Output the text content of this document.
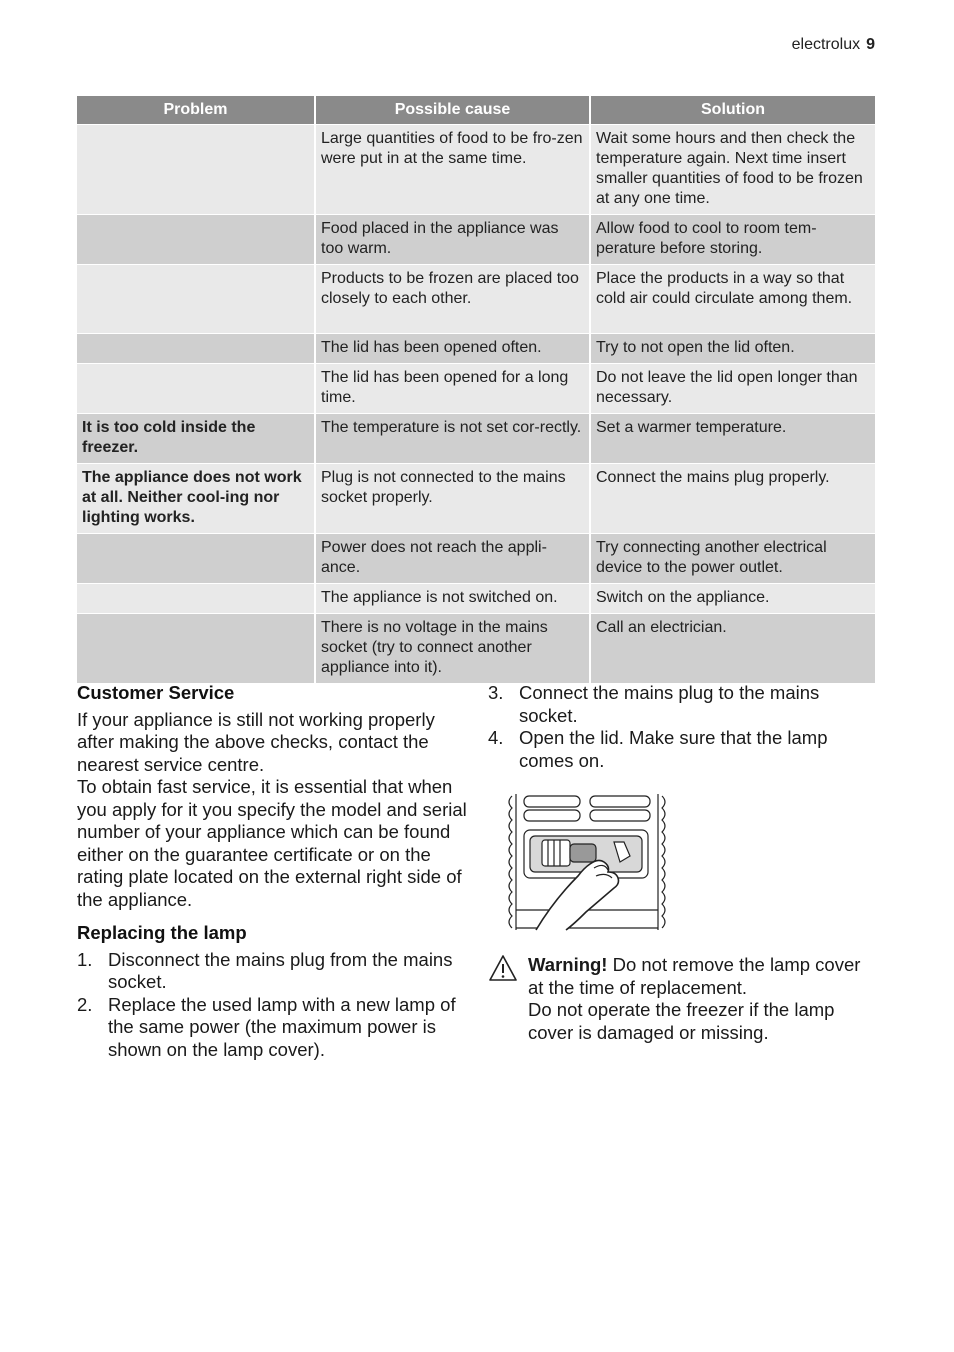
electrolux 9
Problem	Possible cause	Solution
	Large quantities of food to be fro-zen were put in at the same time.	Wait some hours and then check the temperature again. Next time insert smaller quantities of food to be frozen at any one time.
	Food placed in the appliance was too warm.	Allow food to cool to room tem-perature before storing.
	Products to be frozen are placed too closely to each other.	Place the products in a way so that cold air could circulate among them.
	The lid has been opened often.	Try to not open the lid often.
	The lid has been opened for a long time.	Do not leave the lid open longer than necessary.
It is too cold inside the freezer.	The temperature is not set cor-rectly.	Set a warmer temperature.
The appliance does not work at all. Neither cool-ing nor lighting works.	Plug is not connected to the mains socket properly.	Connect the mains plug properly.
	Power does not reach the appli-ance.	Try connecting another electrical device to the power outlet.
	The appliance is not switched on.	Switch on the appliance.
	There is no voltage in the mains socket (try to connect another appliance into it).	Call an electrician.
Customer Service

If your appliance is still not working properly after making the above checks, contact the nearest service centre.

To obtain fast service, it is essential that when you apply for it you specify the model and serial number of your appliance which can be found either on the guarantee certificate or on the rating plate located on the external right side of the appliance.

Replacing the lamp
1. Disconnect the mains plug from the mains socket.
2. Replace the used lamp with a new lamp of the same power (the maximum power is shown on the lamp cover).
3. Connect the mains plug to the mains socket.
4. Open the lid. Make sure that the lamp comes on.

Warning! Do not remove the lamp cover at the time of replacement.

Do not operate the freezer if the lamp cover is damaged or missing.
